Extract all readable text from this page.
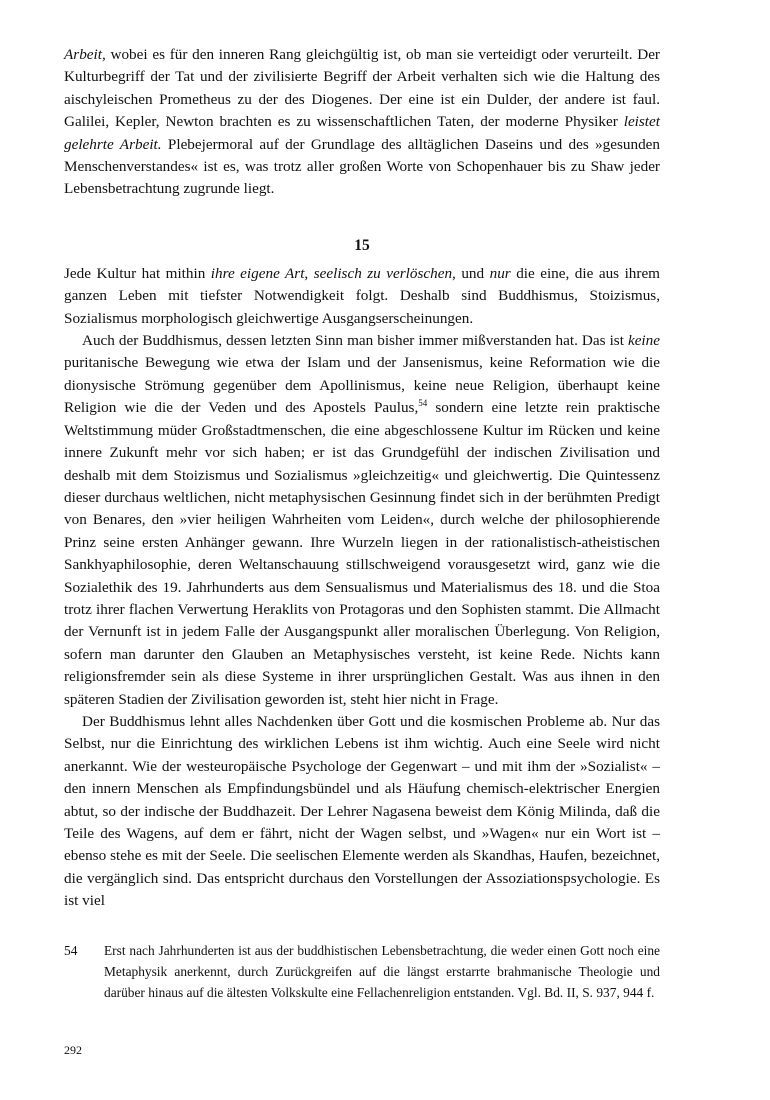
Arbeit, wobei es für den inneren Rang gleichgültig ist, ob man sie verteidigt oder verurteilt. Der Kulturbegriff der Tat und der zivilisierte Begriff der Arbeit verhalten sich wie die Haltung des aischyleischen Prometheus zu der des Diogenes. Der eine ist ein Dulder, der andere ist faul. Galilei, Kepler, Newton brachten es zu wissenschaftlichen Taten, der moderne Physiker leistet gelehrte Arbeit. Plebejermoral auf der Grundlage des alltäglichen Daseins und des »gesunden Menschenverstandes« ist es, was trotz aller großen Worte von Schopenhauer bis zu Shaw jeder Lebensbetrachtung zugrunde liegt.

15

Jede Kultur hat mithin ihre eigene Art, seelisch zu verlöschen, und nur die eine, die aus ihrem ganzen Leben mit tiefster Notwendigkeit folgt. Deshalb sind Buddhismus, Stoizismus, Sozialismus morphologisch gleichwertige Ausgangserscheinungen.

Auch der Buddhismus, dessen letzten Sinn man bisher immer mißverstanden hat. Das ist keine puritanische Bewegung wie etwa der Islam und der Jansenismus, keine Reformation wie die dionysische Strömung gegenüber dem Apollinismus, keine neue Religion, überhaupt keine Religion wie die der Veden und des Apostels Paulus,$^{54}$ sondern eine letzte rein praktische Weltstimmung müder Großstadtmenschen, die eine abgeschlossene Kultur im Rücken und keine innere Zukunft mehr vor sich haben; er ist das Grundgefühl der indischen Zivilisation und deshalb mit dem Stoizismus und Sozialismus »gleichzeitig« und gleichwertig. Die Quintessenz dieser durchaus weltlichen, nicht metaphysischen Gesinnung findet sich in der berühmten Predigt von Benares, den »vier heiligen Wahrheiten vom Leiden«, durch welche der philosophierende Prinz seine ersten Anhänger gewann. Ihre Wurzeln liegen in der rationalistisch-atheistischen Sankhyaphilosophie, deren Weltanschauung stillschweigend vorausgesetzt wird, ganz wie die Sozialethik des 19. Jahrhunderts aus dem Sensualismus und Materialismus des 18. und die Stoa trotz ihrer flachen Verwertung Heraklits von Protagoras und den Sophisten stammt. Die Allmacht der Vernunft ist in jedem Falle der Ausgangspunkt aller moralischen Überlegung. Von Religion, sofern man darunter den Glauben an Metaphysisches versteht, ist keine Rede. Nichts kann religionsfremder sein als diese Systeme in ihrer ursprünglichen Gestalt. Was aus ihnen in den späteren Stadien der Zivilisation geworden ist, steht hier nicht in Frage.

Der Buddhismus lehnt alles Nachdenken über Gott und die kosmischen Probleme ab. Nur das Selbst, nur die Einrichtung des wirklichen Lebens ist ihm wichtig. Auch eine Seele wird nicht anerkannt. Wie der westeuropäische Psychologe der Gegenwart – und mit ihm der »Sozialist« – den innern Menschen als Empfindungsbündel und als Häufung chemisch-elektrischer Energien abtut, so der indische der Buddhazeit. Der Lehrer Nagasena beweist dem König Milinda, daß die Teile des Wagens, auf dem er fährt, nicht der Wagen selbst, und »Wagen« nur ein Wort ist – ebenso stehe es mit der Seele. Die seelischen Elemente werden als Skandhas, Haufen, bezeichnet, die vergänglich sind. Das entspricht durchaus den Vorstellungen der Assoziationspsychologie. Es ist viel

54	Erst nach Jahrhunderten ist aus der buddhistischen Lebensbetrachtung, die weder einen Gott noch eine Metaphysik anerkennt, durch Zurückgreifen auf die längst erstarrte brahmanische Theologie und darüber hinaus auf die ältesten Volkskulte eine Fellachenreligion entstanden. Vgl. Bd. II, S. 937, 944 f.

292
